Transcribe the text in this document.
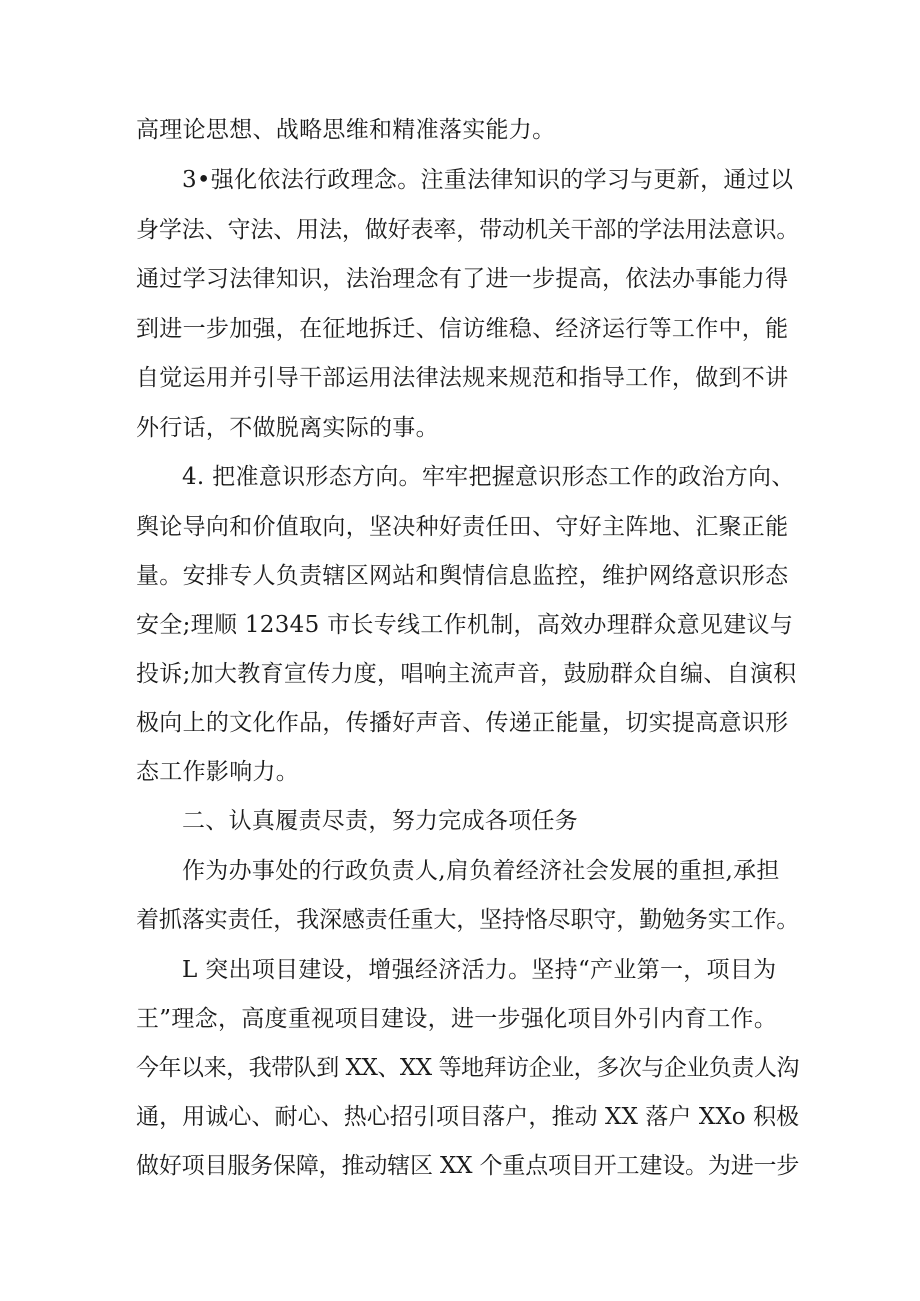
高理论思想、战略思维和精准落实能力。
3•强化依法行政理念。注重法律知识的学习与更新，通过以
身学法、守法、用法，做好表率，带动机关干部的学法用法意识。
通过学习法律知识，法治理念有了进一步提高，依法办事能力得
到进一步加强，在征地拆迁、信访维稳、经济运行等工作中，能
自觉运用并引导干部运用法律法规来规范和指导工作，做到不讲
外行话，不做脱离实际的事。
4. 把准意识形态方向。牢牢把握意识形态工作的政治方向、
舆论导向和价值取向，坚决种好责任田、守好主阵地、汇聚正能
量。安排专人负责辖区网站和舆情信息监控，维护网络意识形态
安全;理顺 12345 市长专线工作机制，高效办理群众意见建议与
投诉;加大教育宣传力度，唱响主流声音，鼓励群众自编、自演积
极向上的文化作品，传播好声音、传递正能量，切实提高意识形
态工作影响力。
二、认真履责尽责，努力完成各项任务
作为办事处的行政负责人,肩负着经济社会发展的重担,承担
着抓落实责任，我深感责任重大，坚持恪尽职守，勤勉务实工作。
L 突出项目建设，增强经济活力。坚持“产业第一，项目为
王”理念，高度重视项目建设，进一步强化项目外引内育工作。
今年以来，我带队到 XX、XX 等地拜访企业，多次与企业负责人沟
通，用诚心、耐心、热心招引项目落户，推动 XX 落户 XXo 积极
做好项目服务保障，推动辖区 XX 个重点项目开工建设。为进一步
